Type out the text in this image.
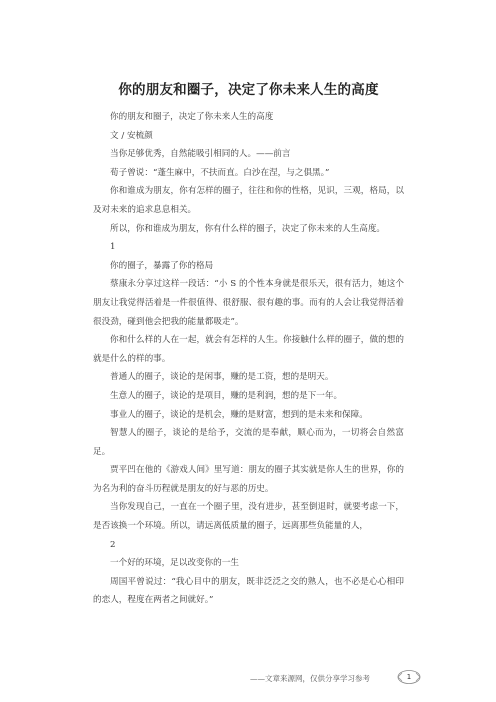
你的朋友和圈子，决定了你未来人生的高度

你的朋友和圈子，决定了你未来人生的高度

文 / 安梳颜

当你足够优秀，自然能吸引相同的人。——前言

荀子曾说：“蓬生麻中，不扶而直。白沙在涅，与之俱黑。”

你和谁成为朋友，你有怎样的圈子，往往和你的性格，见识，三观，格局，以及对未来的追求息息相关。

所以，你和谁成为朋友，你有什么样的圈子，决定了你未来的人生高度。

1

你的圈子，暴露了你的格局

蔡康永分享过这样一段话：“小 S 的个性本身就是很乐天，很有活力，她这个朋友让我觉得活着是一件很值得、很舒服、很有趣的事。而有的人会让我觉得活着很没劲，碰到他会把我的能量都吸走”。

你和什么样的人在一起，就会有怎样的人生。你接触什么样的圈子，做的想的就是什么的样的事。

普通人的圈子，谈论的是闲事，赚的是工资，想的是明天。

生意人的圈子，谈论的是项目，赚的是利润，想的是下一年。

事业人的圈子，谈论的是机会，赚的是财富，想到的是未来和保障。

智慧人的圈子，谈论的是给予，交流的是奉献，顺心而为，一切将会自然富足。

贾平凹在他的《游戏人间》里写道：朋友的圈子其实就是你人生的世界，你的为名为利的奋斗历程就是朋友的好与恶的历史。

当你发现自己，一直在一个圈子里，没有进步，甚至倒退时，就要考虑一下，是否该换一个环境。所以，请远离低质量的圈子，远离那些负能量的人，

2

一个好的环境，足以改变你的一生

周国平曾说过：“我心目中的朋友，既非泛泛之交的熟人，也不必是心心相印的恋人，程度在两者之间就好。”

——文章来源网，仅供分享学习参考	1
